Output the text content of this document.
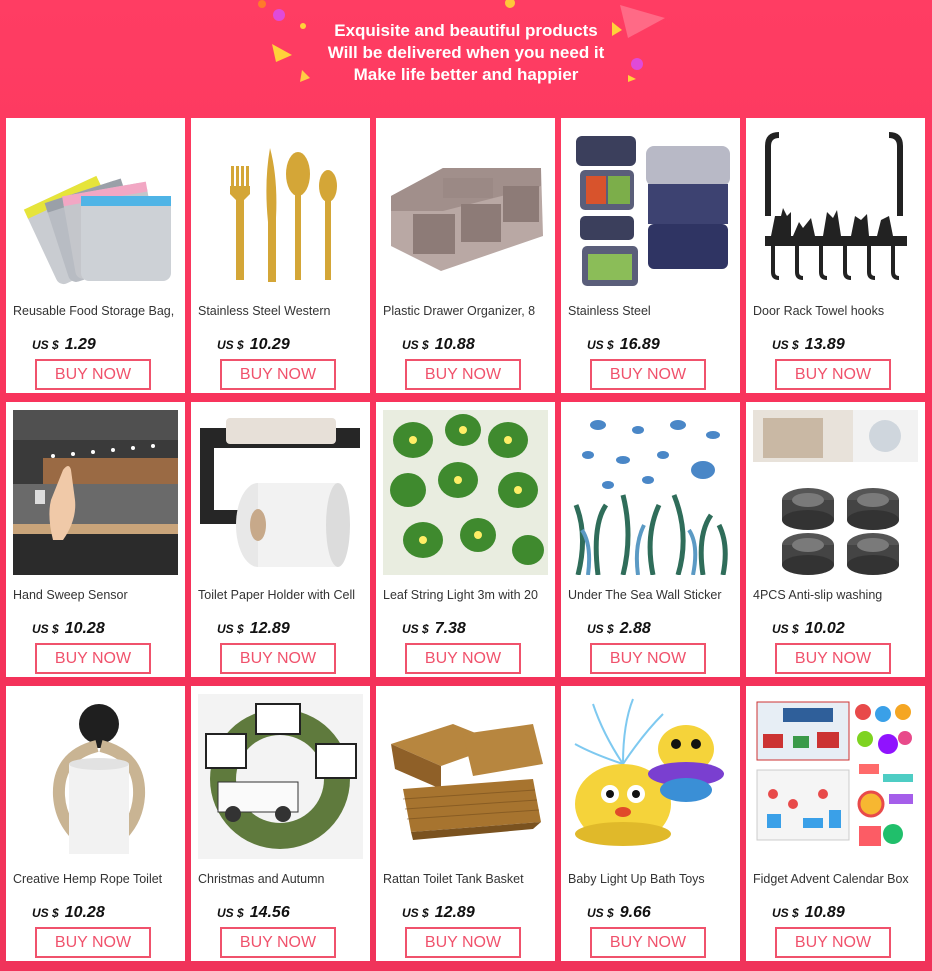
Exquisite and beautiful products
Will be delivered when you need it
Make life better and happier
Reusable Food Storage Bag,
US $ 1.29
BUY NOW
Stainless Steel Western
US $ 10.29
BUY NOW
Plastic Drawer Organizer, 8
US $ 10.88
BUY NOW
Stainless Steel
US $ 16.89
BUY NOW
Door Rack Towel hooks
US $ 13.89
BUY NOW
Hand Sweep Sensor
US $ 10.28
BUY NOW
Toilet Paper Holder with Cell
US $ 12.89
BUY NOW
Leaf String Light 3m with 20
US $ 7.38
BUY NOW
Under The Sea Wall Sticker
US $ 2.88
BUY NOW
4PCS Anti-slip washing
US $ 10.02
BUY NOW
Creative Hemp Rope Toilet
US $ 10.28
BUY NOW
Christmas and Autumn
US $ 14.56
BUY NOW
Rattan Toilet Tank Basket
US $ 12.89
BUY NOW
Baby Light Up Bath Toys
US $ 9.66
BUY NOW
Fidget Advent Calendar Box
US $ 10.89
BUY NOW
